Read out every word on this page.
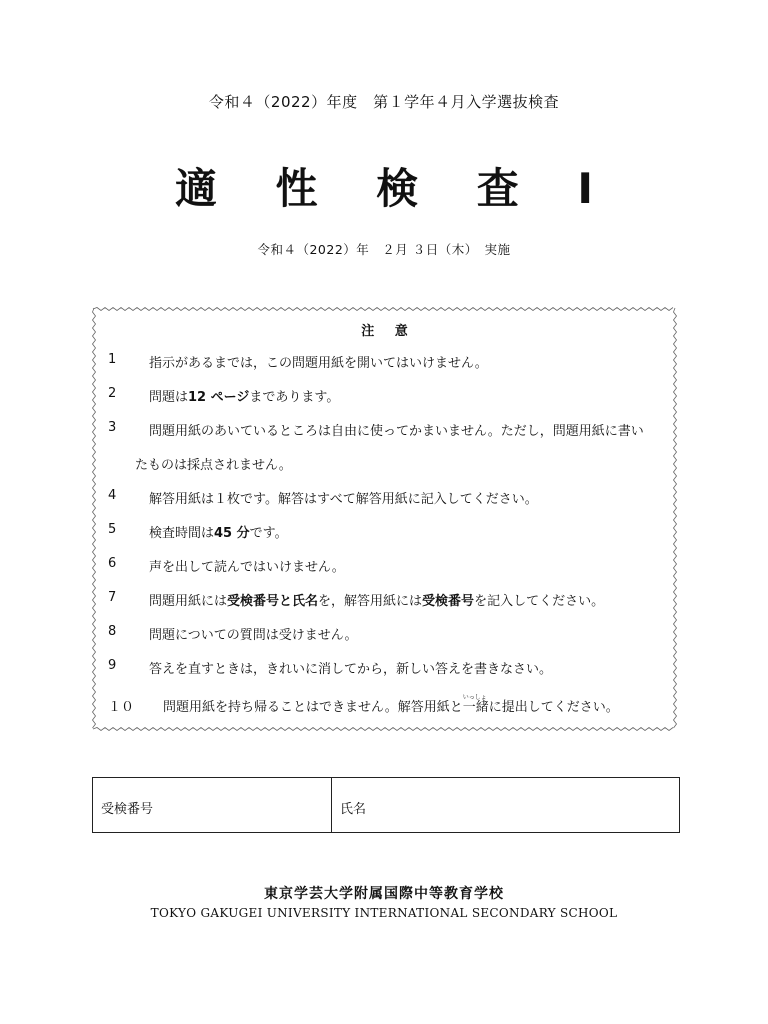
令和４（2022）年度　第１学年４月入学選抜検査
適 性 検 査 Ⅰ
令和４（2022）年　２月 ３日（木）　実施
注 意
1	指示があるまでは，この問題用紙を開いてはいけません。
2	問題は12 ページまであります。
3	問題用紙のあいているところは自由に使ってかまいません。ただし，問題用紙に書い
たものは採点されません。
4	解答用紙は１枚です。解答はすべて解答用紙に記入してください。
5	検査時間は45 分です。
6	声を出して読んではいけません。
7	問題用紙には受検番号と氏名を，解答用紙には受検番号を記入してください。
8	問題についての質問は受けません。
9	答えを直すときは，きれいに消してから，新しい答えを書きなさい。
１０	問題用紙を持ち帰ることはできません。解答用紙と
いっしょ
一緒に提出してください。
受検番号	氏名
東京学芸大学附属国際中等教育学校
TOKYO GAKUGEI UNIVERSITY INTERNATIONAL SECONDARY SCHOOL
